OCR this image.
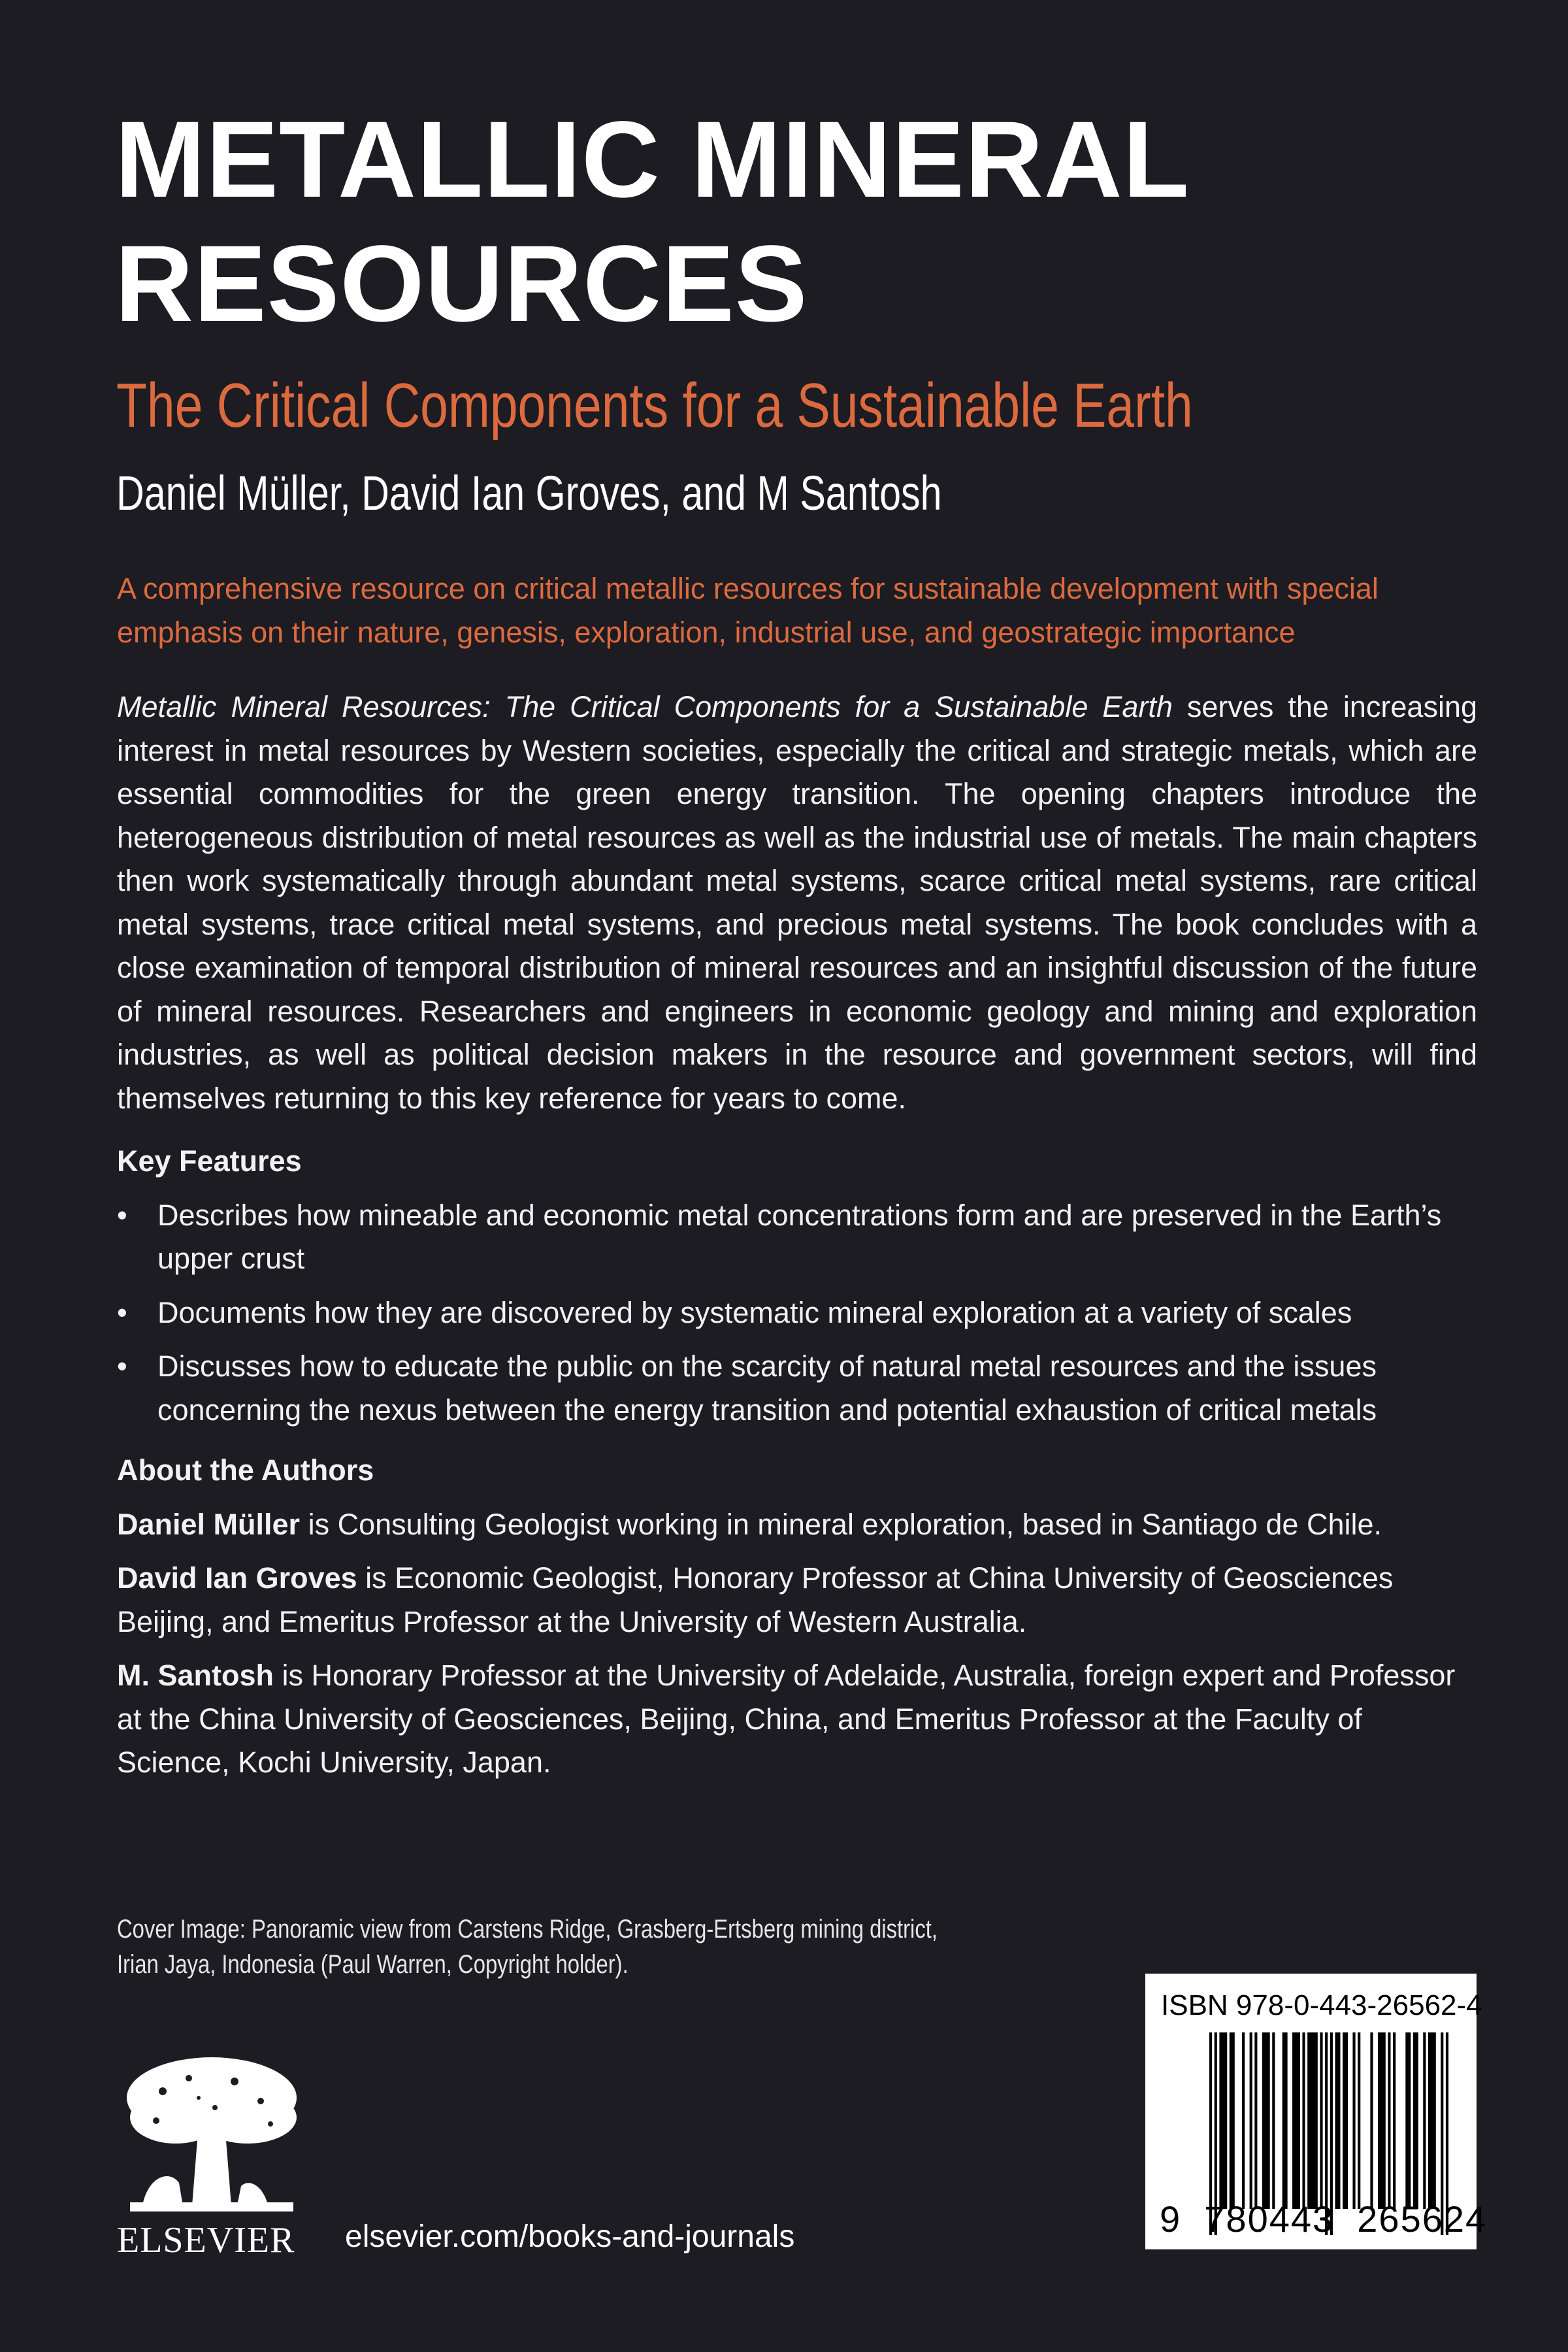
METALLIC MINERAL
RESOURCES
The Critical Components for a Sustainable Earth
Daniel Müller, David Ian Groves, and M Santosh

A comprehensive resource on critical metallic resources for sustainable development with special emphasis on their nature, genesis, exploration, industrial use, and geostrategic importance

Metallic Mineral Resources: The Critical Components for a Sustainable Earth serves the increasing interest in metal resources by Western societies, especially the critical and strategic metals, which are essential commodities for the green energy transition. The opening chapters introduce the heterogeneous distribution of metal resources as well as the industrial use of metals. The main chapters then work systematically through abundant metal systems, scarce critical metal systems, rare critical metal systems, trace critical metal systems, and precious metal systems. The book concludes with a close examination of temporal distribution of mineral resources and an insightful discussion of the future of mineral resources. Researchers and engineers in economic geology and mining and exploration industries, as well as political decision makers in the resource and government sectors, will find themselves returning to this key reference for years to come.

Key Features
• Describes how mineable and economic metal concentrations form and are preserved in the Earth’s upper crust
• Documents how they are discovered by systematic mineral exploration at a variety of scales
• Discusses how to educate the public on the scarcity of natural metal resources and the issues concerning the nexus between the energy transition and potential exhaustion of critical metals
About the Authors

Daniel Müller is Consulting Geologist working in mineral exploration, based in Santiago de Chile.

David Ian Groves is Economic Geologist, Honorary Professor at China University of Geosciences Beijing, and Emeritus Professor at the University of Western Australia.

M. Santosh is Honorary Professor at the University of Adelaide, Australia, foreign expert and Professor at the China University of Geosciences, Beijing, China, and Emeritus Professor at the Faculty of Science, Kochi University, Japan.

Cover Image: Panoramic view from Carstens Ridge, Grasberg-Ertsberg mining district,
Irian Jaya, Indonesia (Paul Warren, Copyright holder).
ISBN 978-0-443-26562-4
9 780443 265624
ELSEVIER elsevier.com/books-and-journals
